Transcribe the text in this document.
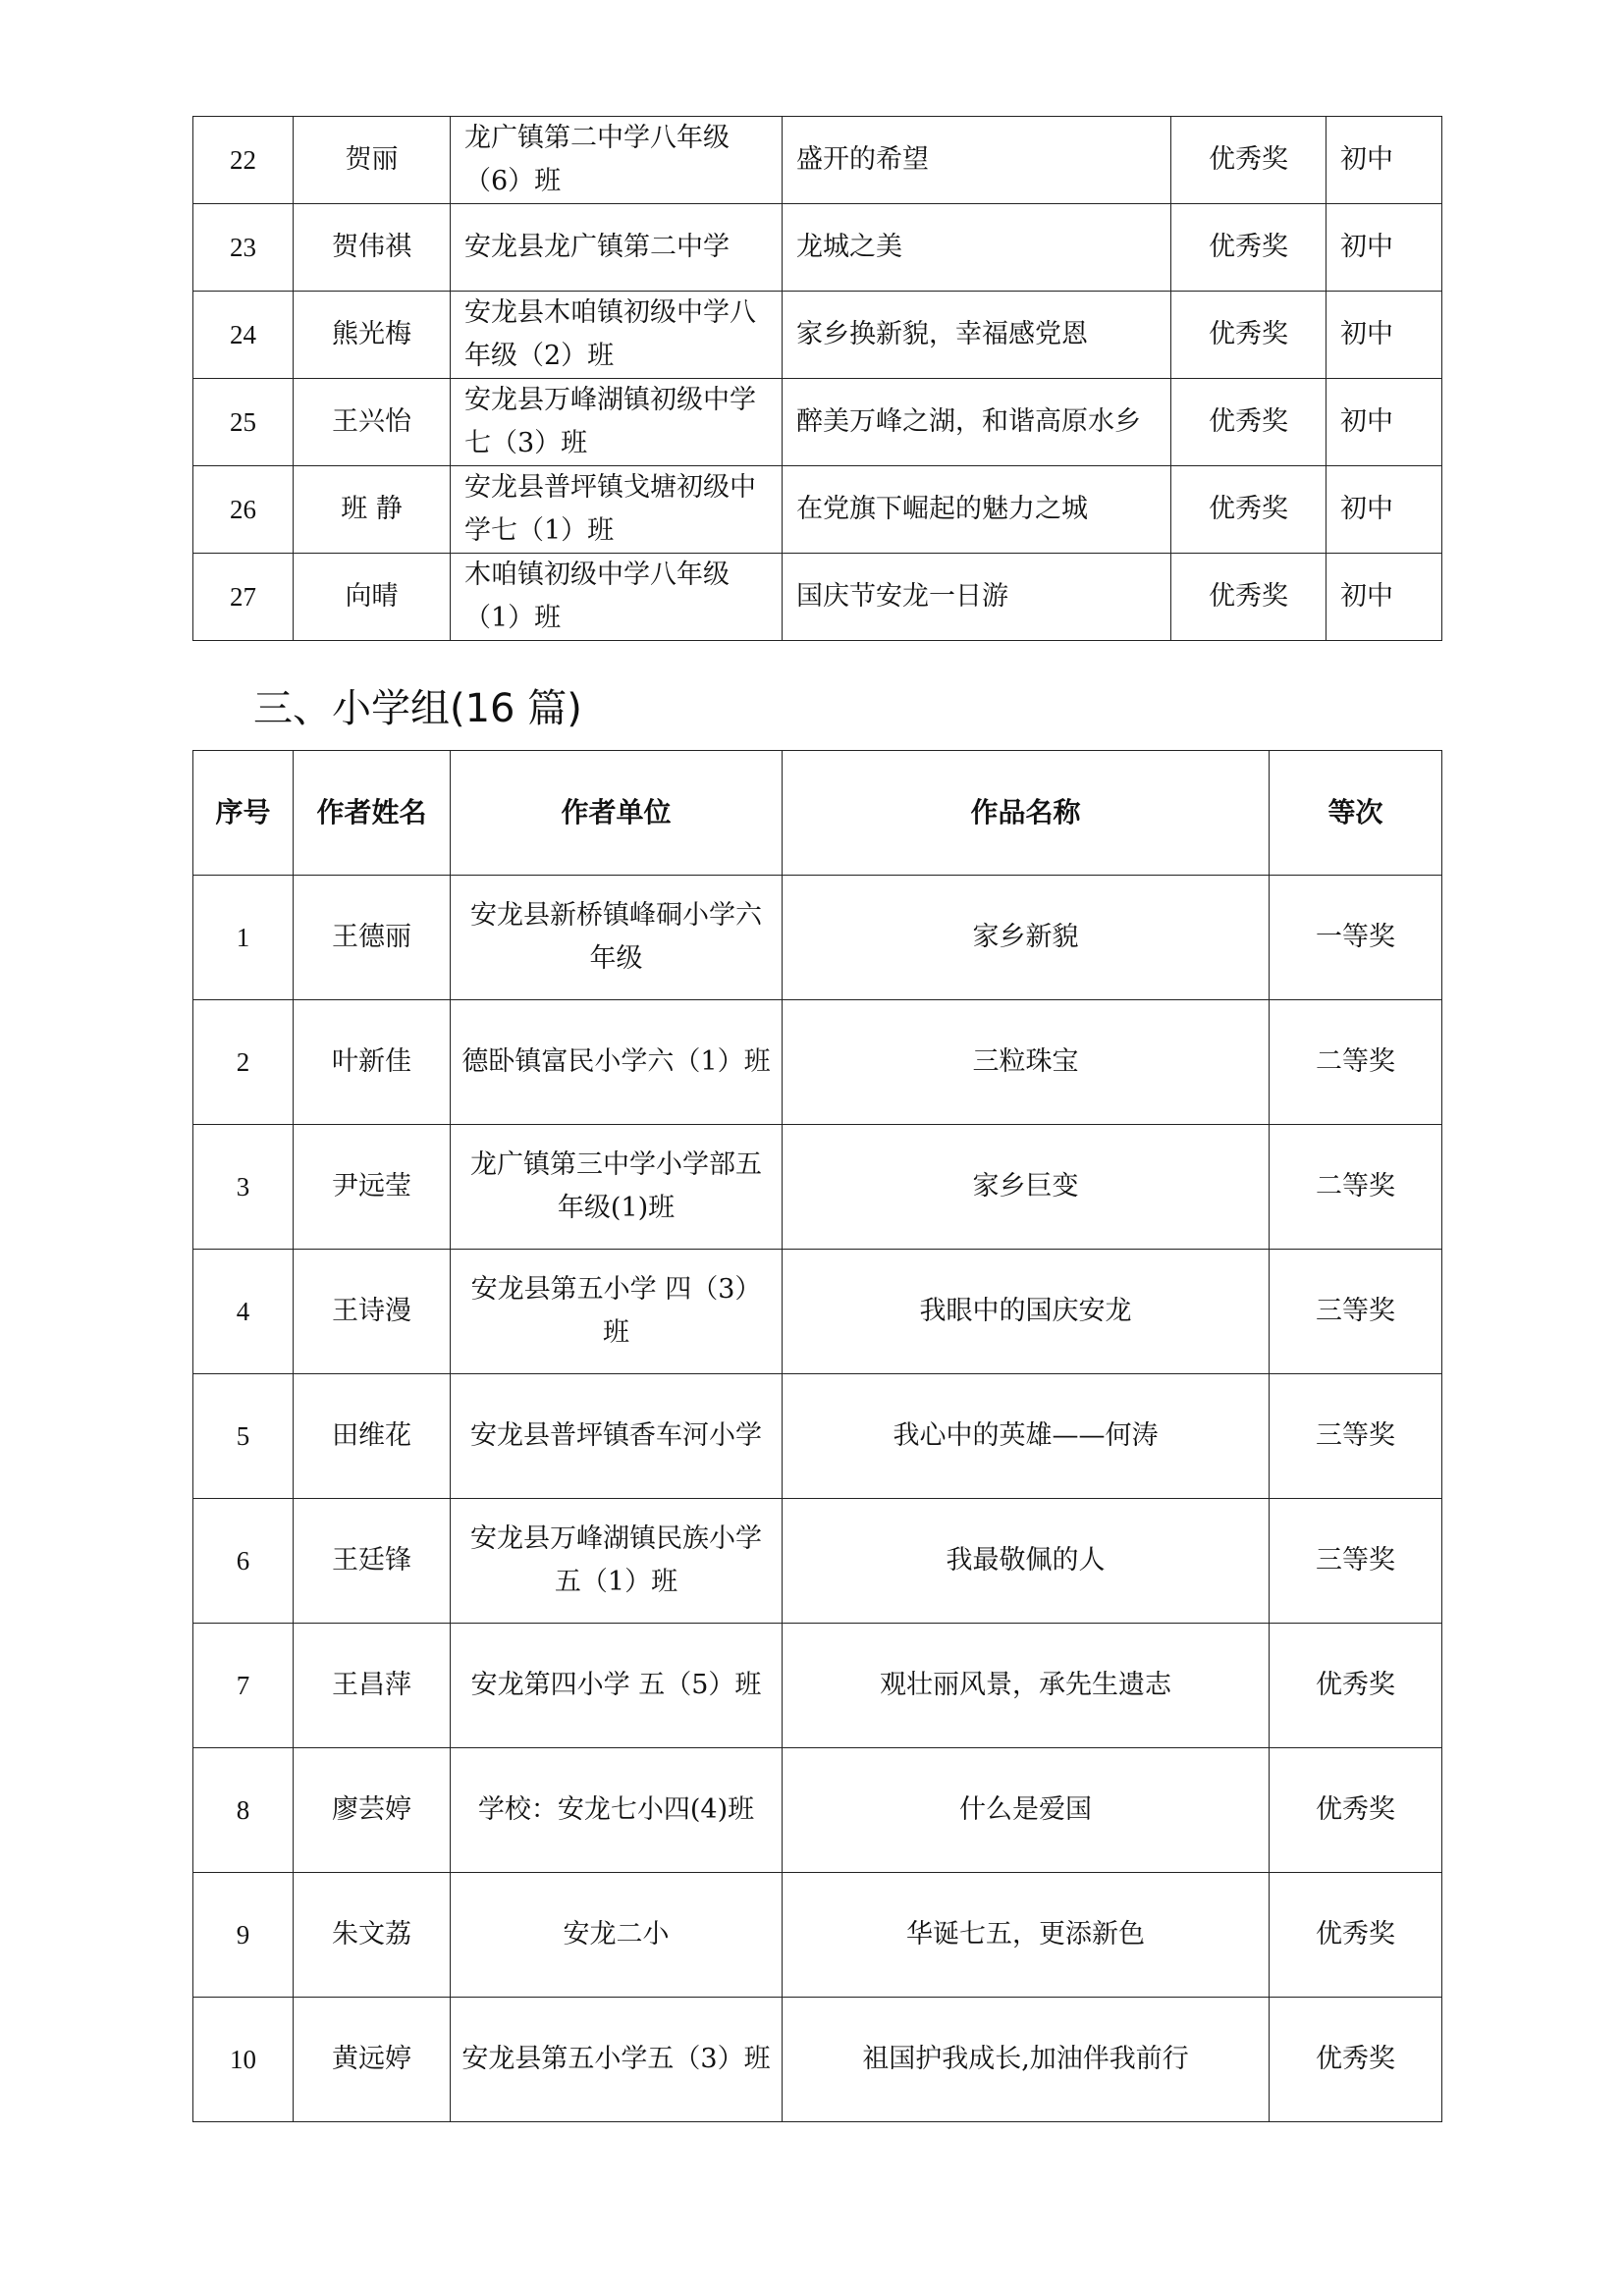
22	贺丽	龙广镇第二中学八年级（6）班	盛开的希望	优秀奖	初中
23	贺伟祺	安龙县龙广镇第二中学	龙城之美	优秀奖	初中
24	熊光梅	安龙县木咱镇初级中学八年级（2）班	家乡换新貌，幸福感党恩	优秀奖	初中
25	王兴怡	安龙县万峰湖镇初级中学七（3）班	醉美万峰之湖，和谐高原水乡	优秀奖	初中
26	班 静	安龙县普坪镇戈塘初级中学七（1）班	在党旗下崛起的魅力之城	优秀奖	初中
27	向晴	木咱镇初级中学八年级（1）班	国庆节安龙一日游	优秀奖	初中
三、小学组(16 篇)
序号	作者姓名	作者单位	作品名称	等次
1	王德丽	安龙县新桥镇峰硐小学六年级	家乡新貌	一等奖
2	叶新佳	德卧镇富民小学六（1）班	三粒珠宝	二等奖
3	尹远莹	龙广镇第三中学小学部五年级(1)班	家乡巨变	二等奖
4	王诗漫	安龙县第五小学 四（3）班	我眼中的国庆安龙	三等奖
5	田维花	安龙县普坪镇香车河小学	我心中的英雄——何涛	三等奖
6	王廷锋	安龙县万峰湖镇民族小学五（1）班	我最敬佩的人	三等奖
7	王昌萍	安龙第四小学 五（5）班	观壮丽风景，承先生遗志	优秀奖
8	廖芸婷	学校：安龙七小四(4)班	什么是爱国	优秀奖
9	朱文荔	安龙二小	华诞七五，更添新色	优秀奖
10	黄远婷	安龙县第五小学五（3）班	祖国护我成长,加油伴我前行	优秀奖
